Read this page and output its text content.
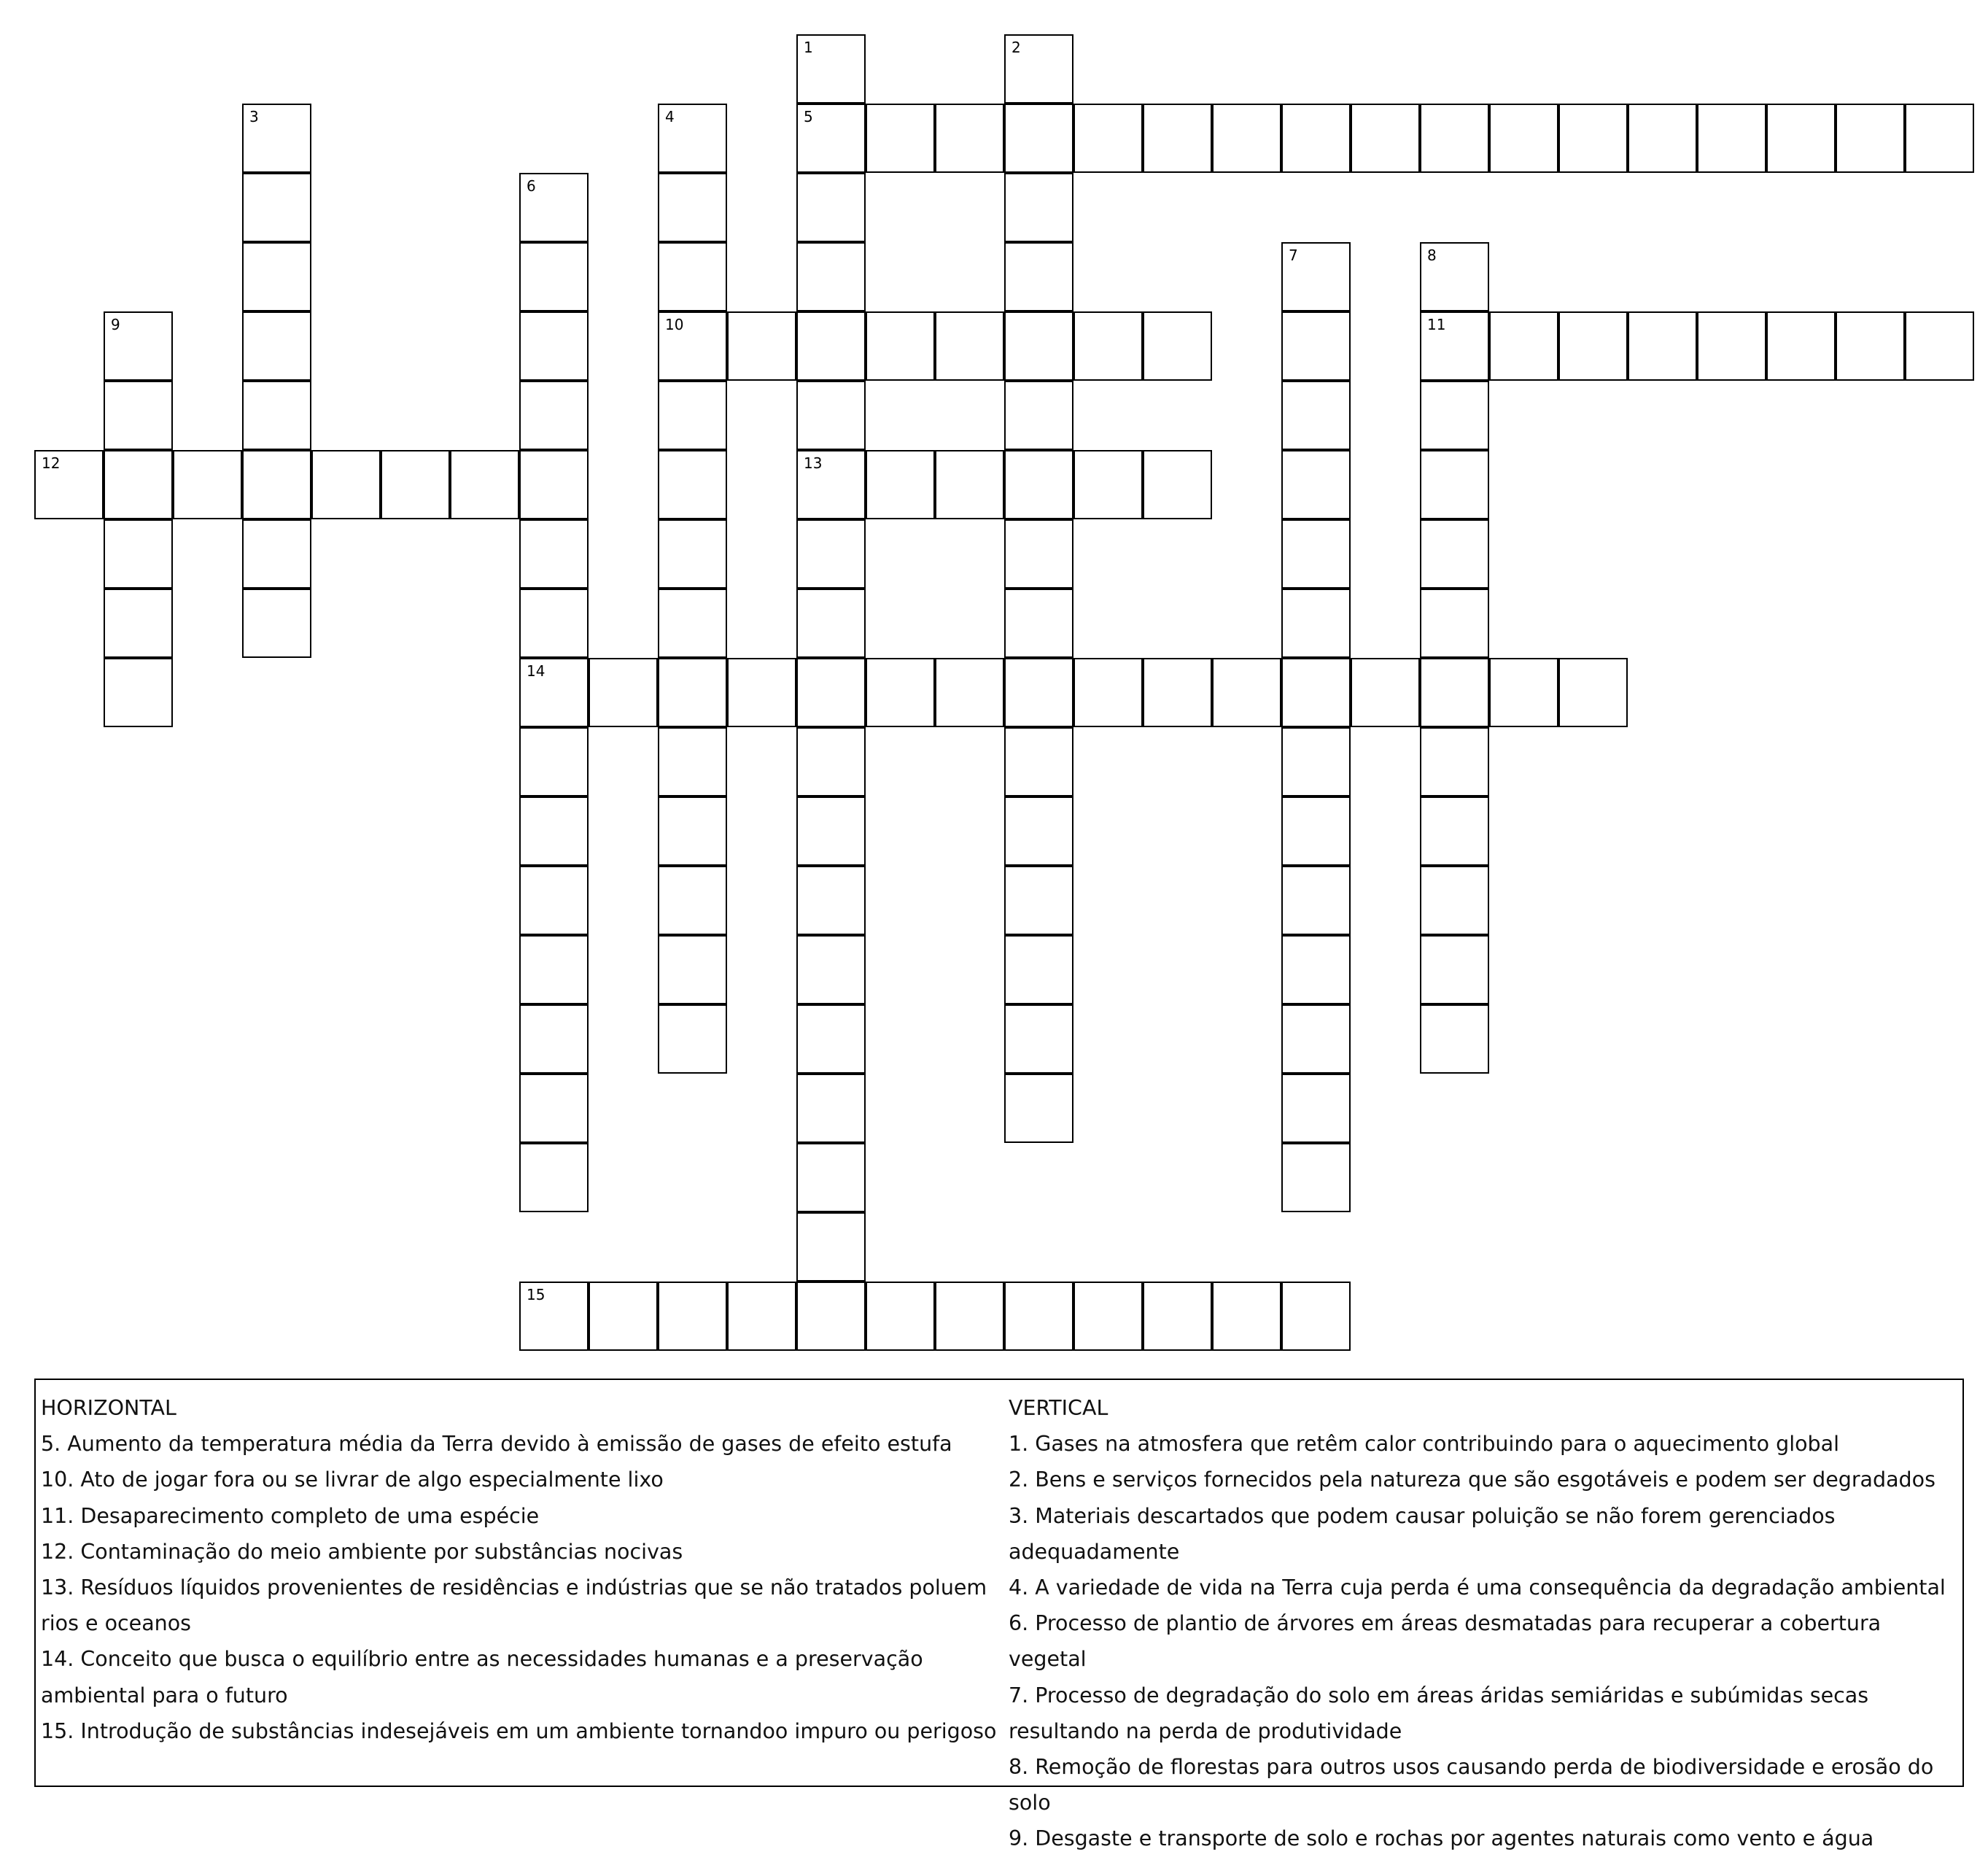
1
5
13
2
3	4
10
6
14
7	8
11
9
12
15
HORIZONTAL
5. Aumento da temperatura média da Terra devido à emissão de gases de efeito estufa
10. Ato de jogar fora ou se livrar de algo especialmente lixo
11. Desaparecimento completo de uma espécie
12. Contaminação do meio ambiente por substâncias nocivas
13. Resíduos líquidos provenientes de residências e indústrias que se não tratados poluem rios e oceanos
14. Conceito que busca o equilíbrio entre as necessidades humanas e a preservação ambiental para o futuro
15. Introdução de substâncias indesejáveis em um ambiente tornandoo impuro ou perigoso
VERTICAL
1. Gases na atmosfera que retêm calor contribuindo para o aquecimento global
2. Bens e serviços fornecidos pela natureza que são esgotáveis e podem ser degradados
3. Materiais descartados que podem causar poluição se não forem gerenciados adequadamente
4. A variedade de vida na Terra cuja perda é uma consequência da degradação ambiental
6. Processo de plantio de árvores em áreas desmatadas para recuperar a cobertura vegetal
7. Processo de degradação do solo em áreas áridas semiáridas e subúmidas secas resultando na perda de produtividade
8. Remoção de florestas para outros usos causando perda de biodiversidade e erosão do solo
9. Desgaste e transporte de solo e rochas por agentes naturais como vento e água
